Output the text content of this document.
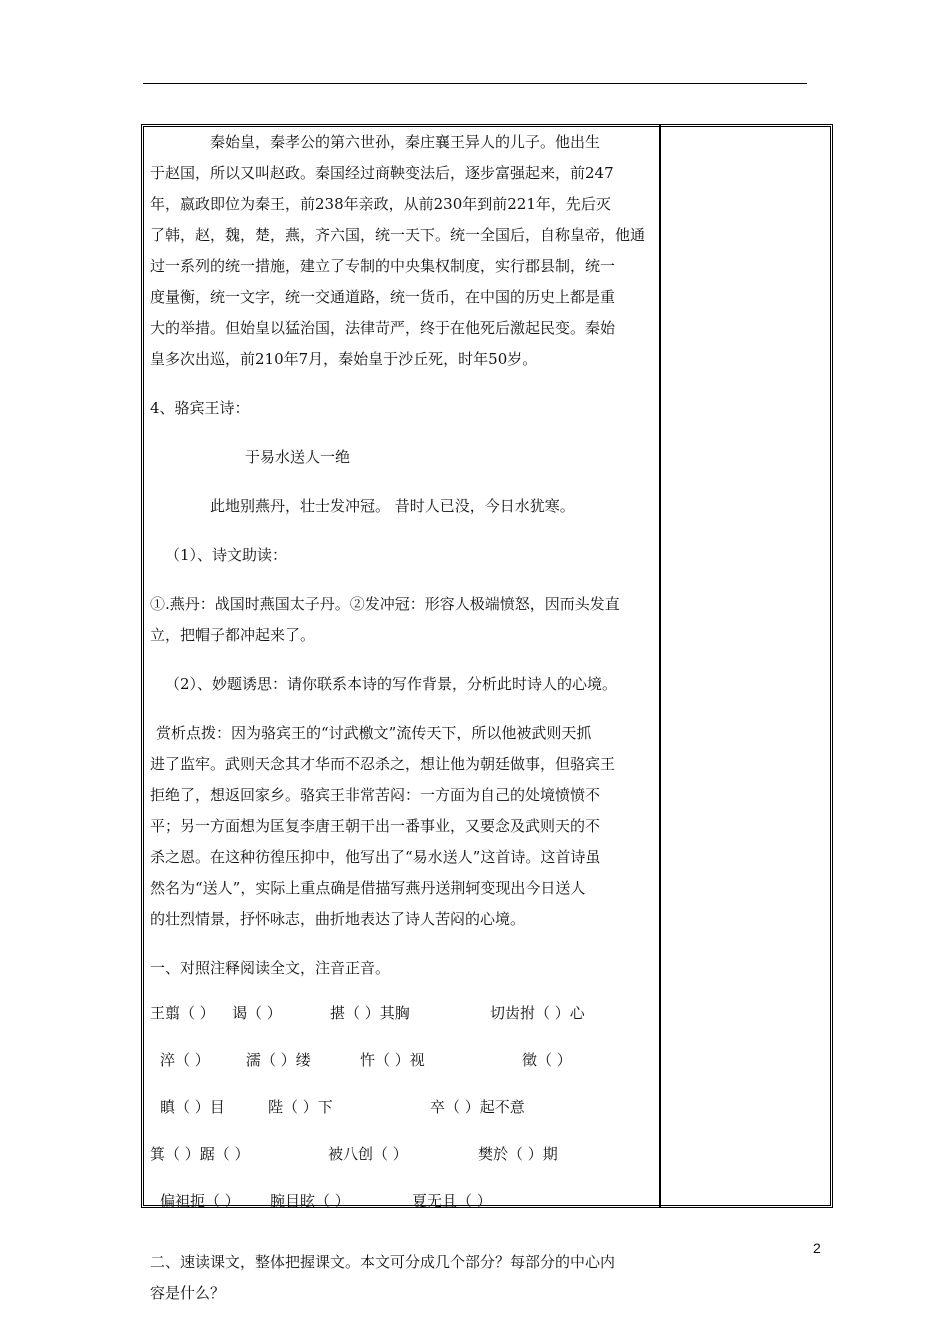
秦始皇，秦孝公的第六世孙，秦庄襄王异人的儿子。他出生
于赵国，所以又叫赵政。秦国经过商鞅变法后，逐步富强起来，前247
年，嬴政即位为秦王，前238年亲政，从前230年到前221年，先后灭
了韩，赵，魏，楚，燕，齐六国，统一天下。统一全国后，自称皇帝，他通
过一系列的统一措施，建立了专制的中央集权制度，实行郡县制，统一
度量衡，统一文字，统一交通道路，统一货币，在中国的历史上都是重
大的举措。但始皇以猛治国，法律苛严，终于在他死后激起民变。秦始
皇多次出巡，前210年7月，秦始皇于沙丘死，时年50岁。
4、骆宾王诗：
于易水送人一绝
此地别燕丹，壮士发冲冠。 昔时人已没，今日水犹寒。
（1）、诗文助读：
①.燕丹：战国时燕国太子丹。②发冲冠：形容人极端愤怒，因而头发直
立，把帽子都冲起来了。
（2）、妙题诱思：请你联系本诗的写作背景，分析此时诗人的心境。
赏析点拨：因为骆宾王的“讨武檄文”流传天下，所以他被武则天抓
进了监牢。武则天念其才华而不忍杀之，想让他为朝廷做事，但骆宾王
拒绝了，想返回家乡。骆宾王非常苦闷：一方面为自己的处境愤愤不
平；另一方面想为匡复李唐王朝干出一番事业，又要念及武则天的不
杀之恩。在这种彷徨压抑中，他写出了“易水送人”这首诗。这首诗虽
然名为“送人”，实际上重点确是借描写燕丹送荆轲变现出今日送人
的壮烈情景，抒怀咏志，曲折地表达了诗人苦闷的心境。
一、对照注释阅读全文，注音正音。
王翦（ ） 谒（ ）	揕（ ）其胸	切齿拊（ ）心
淬（ ） 濡（ ）缕	忤（ ）视	徵（ ）
瞋（ ）目	陛（ ）下	卒（ ）起不意
箕（ ）踞（ ）	被八创（ ）	樊於（ ）期
偏袒扼（ ） 腕目眩（ ）	夏无且（ ）
二、速读课文，整体把握课文。本文可分成几个部分？每部分的中心内
容是什么？
2
